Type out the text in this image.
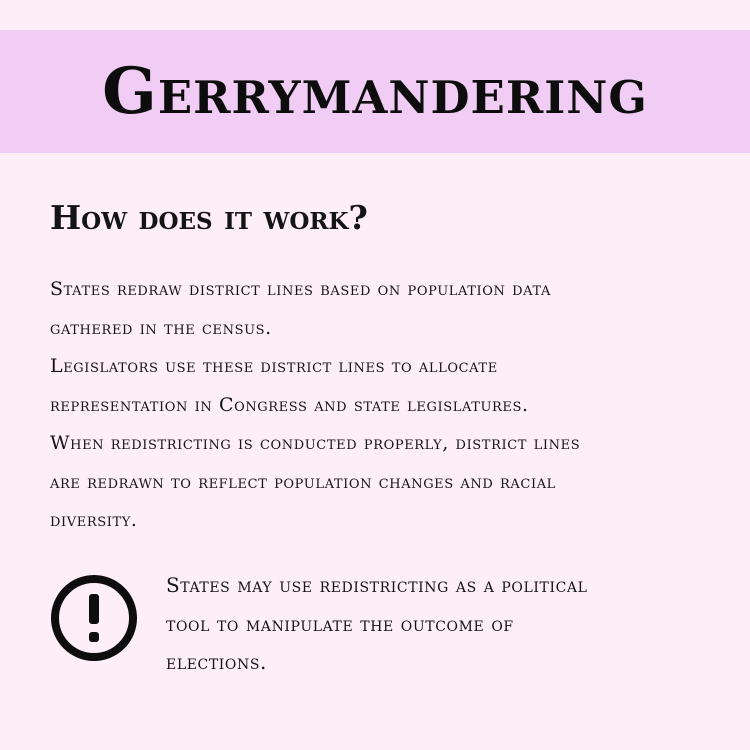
Gerrymandering
How does it work?
States redraw district lines based on population data
gathered in the census.
Legislators use these district lines to allocate
representation in Congress and state legislatures.
When redistricting is conducted properly, district lines
are redrawn to reflect population changes and racial
diversity.
States may use redistricting as a political
tool to manipulate the outcome of
elections.
